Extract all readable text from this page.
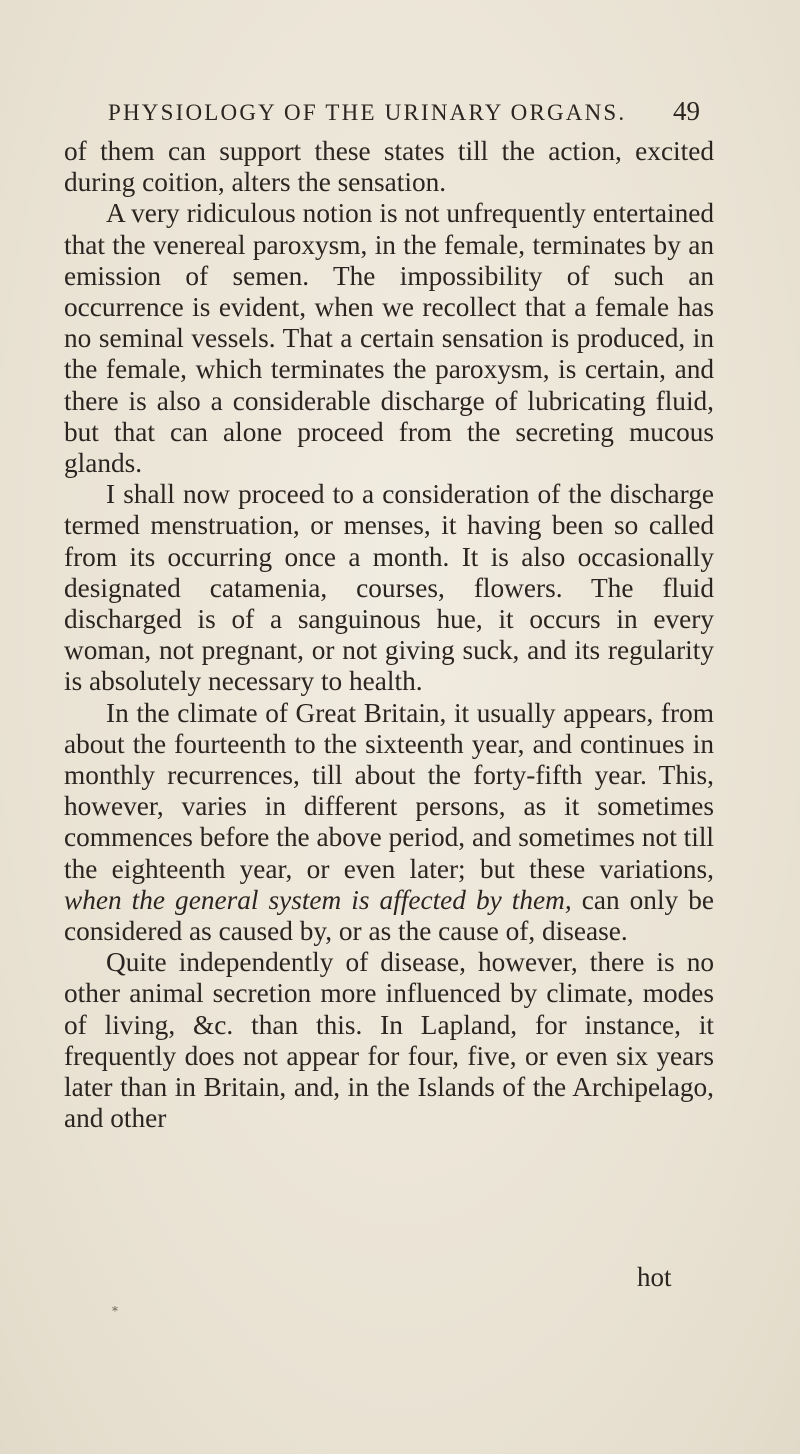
PHYSIOLOGY OF THE URINARY ORGANS.	49

of them can support these states till the action, excited during coition, alters the sensation.

A very ridiculous notion is not unfrequently entertained that the venereal paroxysm, in the female, terminates by an emission of semen. The impossibility of such an occurrence is evident, when we recollect that a female has no seminal vessels. That a certain sensation is produced, in the female, which terminates the paroxysm, is certain, and there is also a considerable discharge of lubricating fluid, but that can alone proceed from the secreting mucous glands.

I shall now proceed to a consideration of the discharge termed menstruation, or menses, it having been so called from its occurring once a month. It is also occasionally designated catamenia, courses, flowers. The fluid discharged is of a sanguinous hue, it occurs in every woman, not pregnant, or not giving suck, and its regularity is absolutely necessary to health.

In the climate of Great Britain, it usually appears, from about the fourteenth to the sixteenth year, and continues in monthly recurrences, till about the forty-fifth year. This, however, varies in different persons, as it sometimes commences before the above period, and sometimes not till the eighteenth year, or even later; but these variations, when the general system is affected by them, can only be considered as caused by, or as the cause of, disease.

Quite independently of disease, however, there is no other animal secretion more influenced by climate, modes of living, &c. than this. In Lapland, for instance, it frequently does not appear for four, five, or even six years later than in Britain, and, in the Islands of the Archipelago, and other

hot
*
